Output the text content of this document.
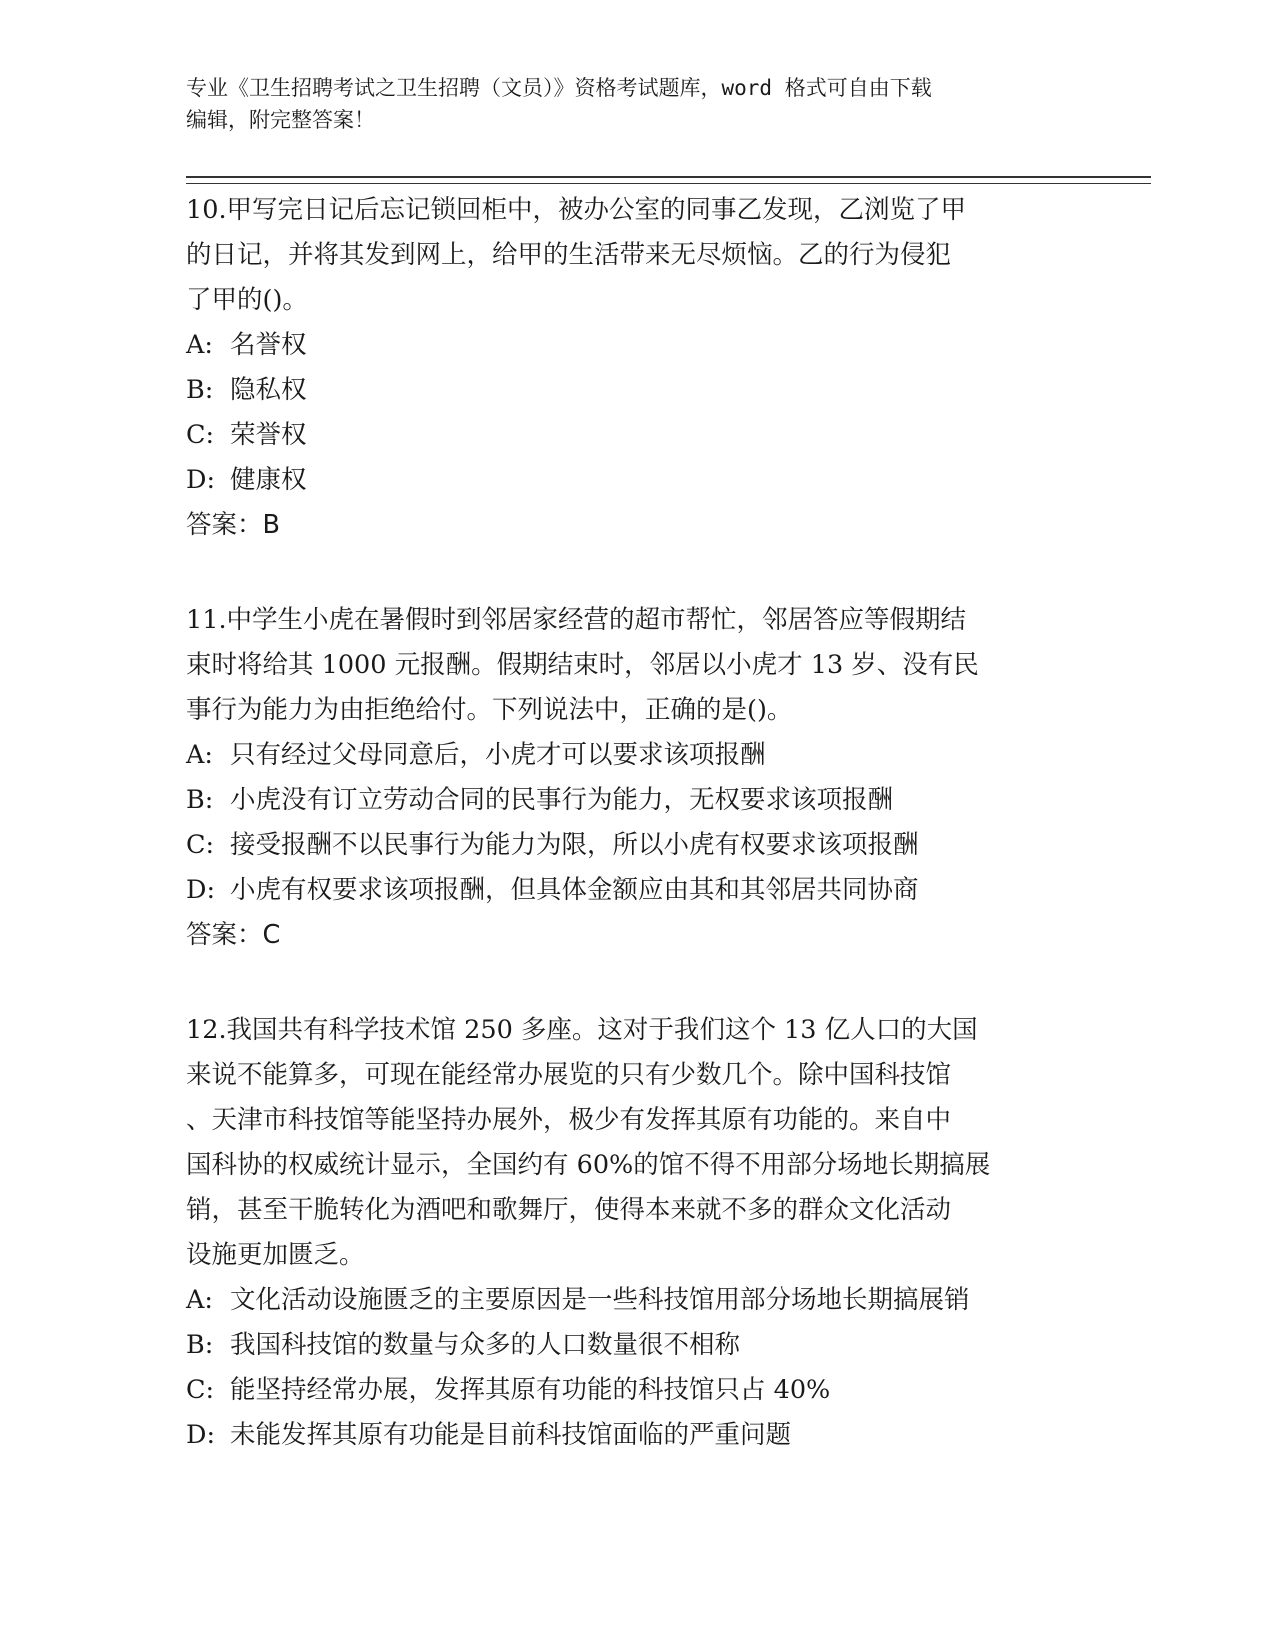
专业《卫生招聘考试之卫生招聘（文员）》资格考试题库，word 格式可自由下载
编辑，附完整答案！
10.甲写完日记后忘记锁回柜中，被办公室的同事乙发现，乙浏览了甲
的日记，并将其发到网上，给甲的生活带来无尽烦恼。乙的行为侵犯
了甲的()。
A: 名誉权
B: 隐私权
C: 荣誉权
D: 健康权
答案：B
11.中学生小虎在暑假时到邻居家经营的超市帮忙，邻居答应等假期结
束时将给其 1000 元报酬。假期结束时，邻居以小虎才 13 岁、没有民
事行为能力为由拒绝给付。下列说法中，正确的是()。
A: 只有经过父母同意后，小虎才可以要求该项报酬
B: 小虎没有订立劳动合同的民事行为能力，无权要求该项报酬
C: 接受报酬不以民事行为能力为限，所以小虎有权要求该项报酬
D: 小虎有权要求该项报酬，但具体金额应由其和其邻居共同协商
答案：C
12.我国共有科学技术馆 250 多座。这对于我们这个 13 亿人口的大国
来说不能算多，可现在能经常办展览的只有少数几个。除中国科技馆
、天津市科技馆等能坚持办展外，极少有发挥其原有功能的。来自中
国科协的权威统计显示，全国约有 60%的馆不得不用部分场地长期搞展
销，甚至干脆转化为酒吧和歌舞厅，使得本来就不多的群众文化活动
设施更加匮乏。
A: 文化活动设施匮乏的主要原因是一些科技馆用部分场地长期搞展销
B: 我国科技馆的数量与众多的人口数量很不相称
C: 能坚持经常办展，发挥其原有功能的科技馆只占 40%
D: 未能发挥其原有功能是目前科技馆面临的严重问题
